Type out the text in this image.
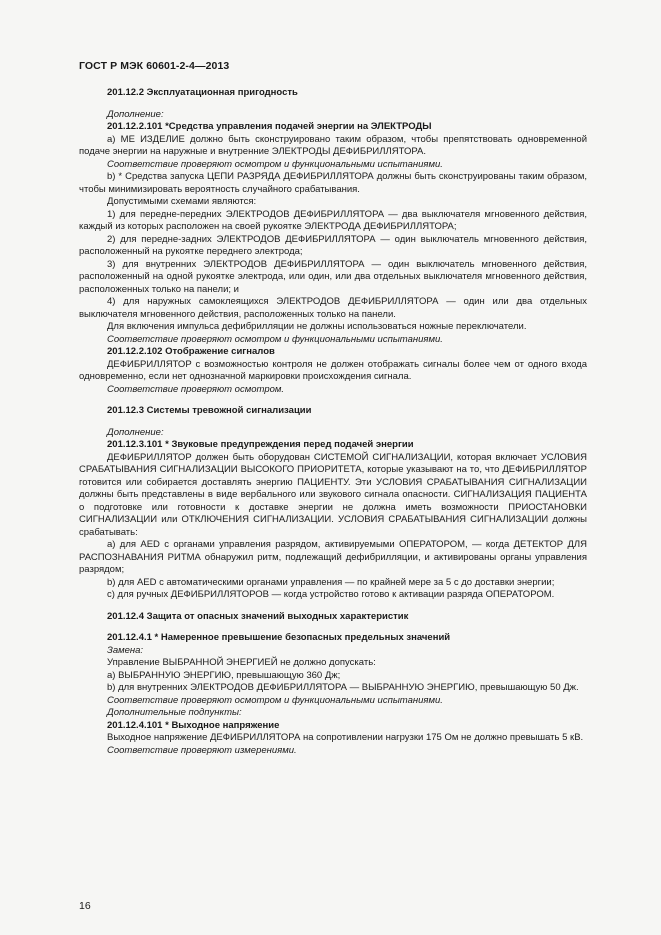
ГОСТ Р МЭК 60601-2-4—2013

201.12.2 Эксплуатационная пригодность

Дополнение:

201.12.2.101 *Средства управления подачей энергии на ЭЛЕКТРОДЫ

а) МЕ ИЗДЕЛИЕ должно быть сконструировано таким образом, чтобы препятствовать одновременной подаче энергии на наружные и внутренние ЭЛЕКТРОДЫ ДЕФИБРИЛЛЯТОРА.

Соответствие проверяют осмотром и функциональными испытаниями.

b) * Средства запуска ЦЕПИ РАЗРЯДА ДЕФИБРИЛЛЯТОРА должны быть сконструированы таким образом, чтобы минимизировать вероятность случайного срабатывания.

Допустимыми схемами являются:

1) для передне-передних ЭЛЕКТРОДОВ ДЕФИБРИЛЛЯТОРА — два выключателя мгновенного действия, каждый из которых расположен на своей рукоятке ЭЛЕКТРОДА ДЕФИБРИЛЛЯТОРА;

2) для передне-задних ЭЛЕКТРОДОВ ДЕФИБРИЛЛЯТОРА — один выключатель мгновенного действия, расположенный на рукоятке переднего электрода;

3) для внутренних ЭЛЕКТРОДОВ ДЕФИБРИЛЛЯТОРА — один выключатель мгновенного действия, расположенный на одной рукоятке электрода, или один, или два отдельных выключателя мгновенного действия, расположенных только на панели; и

4) для наружных самоклеящихся ЭЛЕКТРОДОВ ДЕФИБРИЛЛЯТОРА — один или два отдельных выключателя мгновенного действия, расположенных только на панели.

Для включения импульса дефибрилляции не должны использоваться ножные переключатели.

Соответствие проверяют осмотром и функциональными испытаниями.

201.12.2.102 Отображение сигналов

ДЕФИБРИЛЛЯТОР с возможностью контроля не должен отображать сигналы более чем от одного входа одновременно, если нет однозначной маркировки происхождения сигнала.

Соответствие проверяют осмотром.

201.12.3 Системы тревожной сигнализации

Дополнение:

201.12.3.101 * Звуковые предупреждения перед подачей энергии

ДЕФИБРИЛЛЯТОР должен быть оборудован СИСТЕМОЙ СИГНАЛИЗАЦИИ, которая включает УСЛОВИЯ СРАБАТЫВАНИЯ СИГНАЛИЗАЦИИ ВЫСОКОГО ПРИОРИТЕТА, которые указывают на то, что ДЕФИБРИЛЛЯТОР готовится или собирается доставлять энергию ПАЦИЕНТУ. Эти УСЛОВИЯ СРАБАТЫВАНИЯ СИГНАЛИЗАЦИИ должны быть представлены в виде вербального или звукового сигнала опасности. СИГНАЛИЗАЦИЯ ПАЦИЕНТА о подготовке или готовности к доставке энергии не должна иметь возможности ПРИОСТАНОВКИ СИГНАЛИЗАЦИИ или ОТКЛЮЧЕНИЯ СИГНАЛИЗАЦИИ. УСЛОВИЯ СРАБАТЫВАНИЯ СИГНАЛИЗАЦИИ должны срабатывать:

a) для AED с органами управления разрядом, активируемыми ОПЕРАТОРОМ, — когда ДЕТЕКТОР ДЛЯ РАСПОЗНАВАНИЯ РИТМА обнаружил ритм, подлежащий дефибрилляции, и активированы органы управления разрядом;

b) для AED с автоматическими органами управления — по крайней мере за 5 с до доставки энергии;

c) для ручных ДЕФИБРИЛЛЯТОРОВ — когда устройство готово к активации разряда ОПЕРАТОРОМ.

201.12.4 Защита от опасных значений выходных характеристик

201.12.4.1 * Намеренное превышение безопасных предельных значений

Замена:

Управление ВЫБРАННОЙ ЭНЕРГИЕЙ не должно допускать:

a) ВЫБРАННУЮ ЭНЕРГИЮ, превышающую 360 Дж;

b) для внутренних ЭЛЕКТРОДОВ ДЕФИБРИЛЛЯТОРА — ВЫБРАННУЮ ЭНЕРГИЮ, превышающую 50 Дж.

Соответствие проверяют осмотром и функциональными испытаниями.

Дополнительные подпункты:

201.12.4.101 * Выходное напряжение

Выходное напряжение ДЕФИБРИЛЛЯТОРА на сопротивлении нагрузки 175 Ом не должно превышать 5 кВ.

Соответствие проверяют измерениями.

16
